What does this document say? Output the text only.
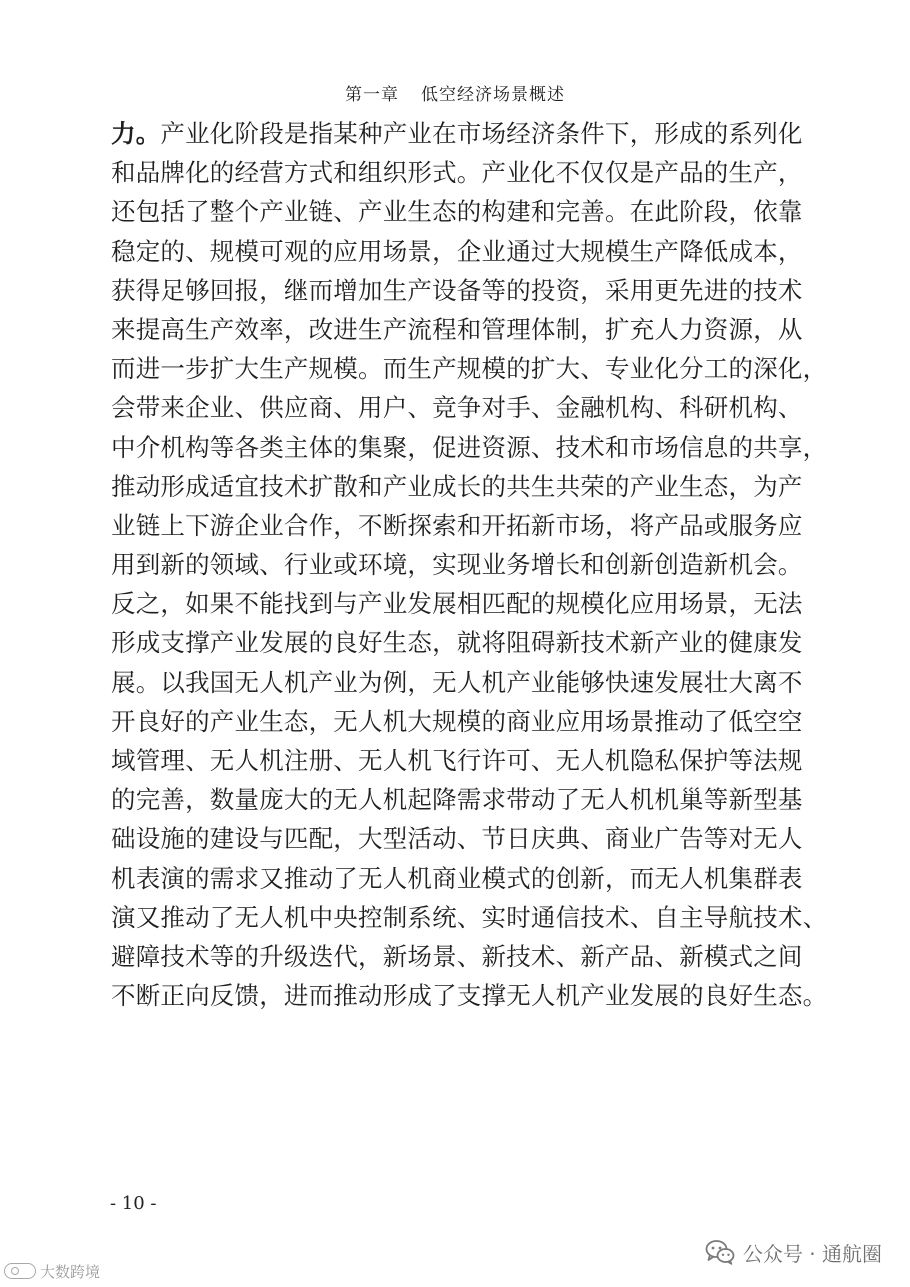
第一章 低空经济场景概述
力。产业化阶段是指某种产业在市场经济条件下，形成的系列化
和品牌化的经营方式和组织形式。产业化不仅仅是产品的生产，
还包括了整个产业链、产业生态的构建和完善。在此阶段，依靠
稳定的、规模可观的应用场景，企业通过大规模生产降低成本，
获得足够回报，继而增加生产设备等的投资，采用更先进的技术
来提高生产效率，改进生产流程和管理体制，扩充人力资源，从
而进一步扩大生产规模。而生产规模的扩大、专业化分工的深化，
会带来企业、供应商、用户、竞争对手、金融机构、科研机构、
中介机构等各类主体的集聚，促进资源、技术和市场信息的共享，
推动形成适宜技术扩散和产业成长的共生共荣的产业生态，为产
业链上下游企业合作，不断探索和开拓新市场，将产品或服务应
用到新的领域、行业或环境，实现业务增长和创新创造新机会。
反之，如果不能找到与产业发展相匹配的规模化应用场景，无法
形成支撑产业发展的良好生态，就将阻碍新技术新产业的健康发
展。以我国无人机产业为例，无人机产业能够快速发展壮大离不
开良好的产业生态，无人机大规模的商业应用场景推动了低空空
域管理、无人机注册、无人机飞行许可、无人机隐私保护等法规
的完善，数量庞大的无人机起降需求带动了无人机机巢等新型基
础设施的建设与匹配，大型活动、节日庆典、商业广告等对无人
机表演的需求又推动了无人机商业模式的创新，而无人机集群表
演又推动了无人机中央控制系统、实时通信技术、自主导航技术、
避障技术等的升级迭代，新场景、新技术、新产品、新模式之间
不断正向反馈，进而推动形成了支撑无人机产业发展的良好生态。
- 10 -
大数跨境
公众号 · 通航圈
